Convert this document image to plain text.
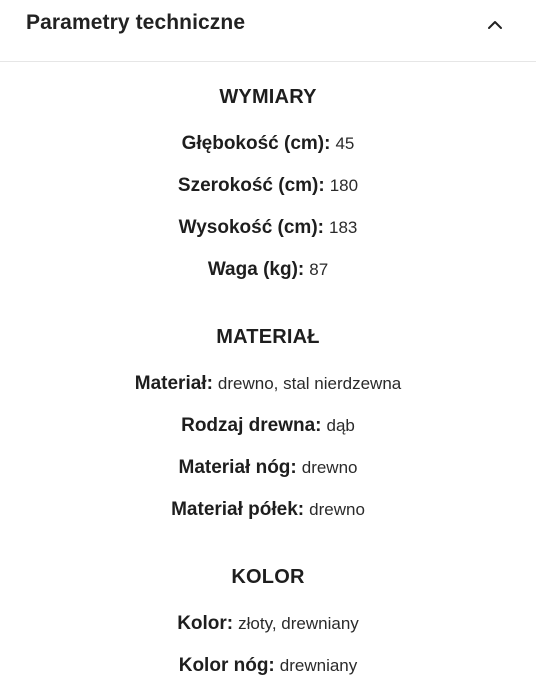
Parametry techniczne
WYMIARY
Głębokość (cm): 45
Szerokość (cm): 180
Wysokość (cm): 183
Waga (kg): 87
MATERIAŁ
Materiał: drewno, stal nierdzewna
Rodzaj drewna: dąb
Materiał nóg: drewno
Materiał półek: drewno
KOLOR
Kolor: złoty, drewniany
Kolor nóg: drewniany
